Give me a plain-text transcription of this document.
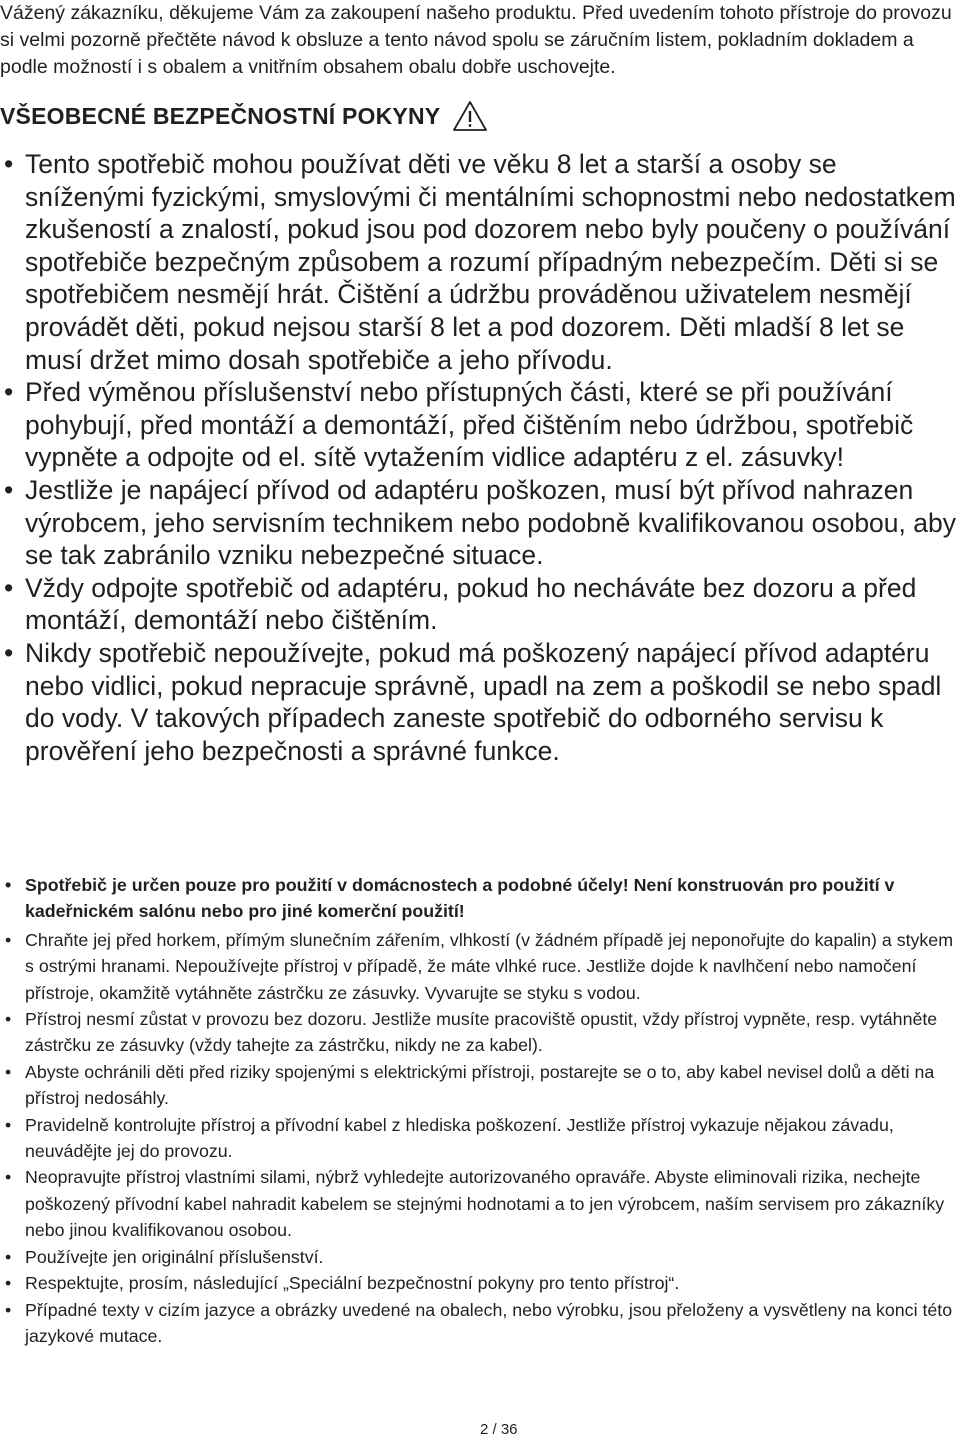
Vážený zákazníku, děkujeme Vám za zakoupení našeho produktu. Před uvedením tohoto přístroje do provozu si velmi pozorně přečtěte návod k obsluze a tento návod spolu se záručním listem, pokladním dokladem a podle možností i s obalem a vnitřním obsahem obalu dobře uschovejte.

VŠEOBECNÉ BEZPEČNOSTNÍ POKYNY
• Tento spotřebič mohou používat děti ve věku 8 let a starší a osoby se sníženými fyzickými, smyslovými či mentálními schopnostmi nebo nedostatkem zkušeností a znalostí, pokud jsou pod dozorem nebo byly poučeny o používání spotřebiče bezpečným způsobem a rozumí případným nebezpečím. Děti si se spotřebičem nesmějí hrát. Čištění a údržbu prováděnou uživatelem nesmějí provádět děti, pokud nejsou starší 8 let a pod dozorem. Děti mladší 8 let se musí držet mimo dosah spotřebiče a jeho přívodu.
• Před výměnou příslušenství nebo přístupných části, které se při používání pohybují, před montáží a demontáží, před čištěním nebo údržbou, spotřebič vypněte a odpojte od el. sítě vytažením vidlice adaptéru z el. zásuvky!
• Jestliže je napájecí přívod od adaptéru poškozen, musí být přívod nahrazen výrobcem, jeho servisním technikem nebo podobně kvalifikovanou osobou, aby se tak zabránilo vzniku nebezpečné situace.
• Vždy odpojte spotřebič od adaptéru, pokud ho necháváte bez dozoru a před montáží, demontáží nebo čištěním.
• Nikdy spotřebič nepoužívejte, pokud má poškozený napájecí přívod adaptéru nebo vidlici, pokud nepracuje správně, upadl na zem a poškodil se nebo spadl do vody. V takových případech zaneste spotřebič do odborného servisu k prověření jeho bezpečnosti a správné funkce.
• Spotřebič je určen pouze pro použití v domácnostech a podobné účely! Není konstruován pro použití v kadeřnickém salónu nebo pro jiné komerční použití!
• Chraňte jej před horkem, přímým slunečním zářením, vlhkostí (v žádném případě jej neponořujte do kapalin) a stykem s ostrými hranami. Nepoužívejte přístroj v případě, že máte vlhké ruce. Jestliže dojde k navlhčení nebo namočení přístroje, okamžitě vytáhněte zástrčku ze zásuvky. Vyvarujte se styku s vodou.
• Přístroj nesmí zůstat v provozu bez dozoru. Jestliže musíte pracoviště opustit, vždy přístroj vypněte, resp. vytáhněte zástrčku ze zásuvky (vždy tahejte za zástrčku, nikdy ne za kabel).
• Abyste ochránili děti před riziky spojenými s elektrickými přístroji, postarejte se o to, aby kabel nevisel dolů a děti na přístroj nedosáhly.
• Pravidelně kontrolujte přístroj a přívodní kabel z hlediska poškození. Jestliže přístroj vykazuje nějakou závadu, neuvádějte jej do provozu.
• Neopravujte přístroj vlastními silami, nýbrž vyhledejte autorizovaného opraváře. Abyste eliminovali rizika, nechejte poškozený přívodní kabel nahradit kabelem se stejnými hodnotami a to jen výrobcem, naším servisem pro zákazníky nebo jinou kvalifikovanou osobou.
• Používejte jen originální příslušenství.
• Respektujte, prosím, následující „Speciální bezpečnostní pokyny pro tento přístroj“.
• Případné texty v cizím jazyce a obrázky uvedené na obalech, nebo výrobku, jsou přeloženy a vysvětleny na konci této jazykové mutace.
2 / 36
